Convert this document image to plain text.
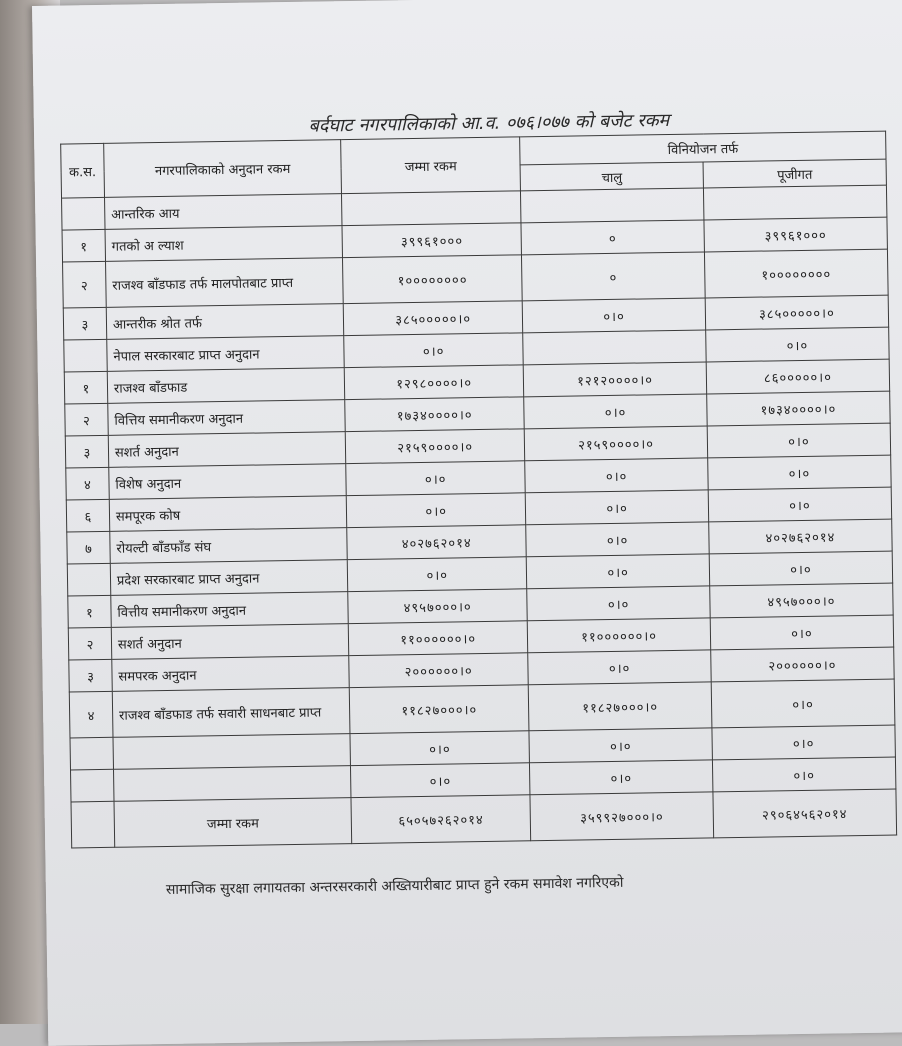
बर्दघाट नगरपालिकाको आ.व. ०७६।०७७ को बजेट रकम
क.स.	नगरपालिकाको अनुदान रकम	जम्मा रकम	विनियोजन तर्फ	
			चालु	पूजीगत
	आन्तरिक आय			
१	गतको अ ल्याश	३९९६१०००	०	३९९६१०००
२	राजश्व बाँडफाड तर्फ मालपोतबाट प्राप्त	१००००००००	०	१००००००००
३	आन्तरीक श्रोत तर्फ	३८५०००००।०	०।०	३८५०००००।०
	नेपाल सरकारबाट प्राप्त अनुदान	०।०		०।०
१	राजश्व बाँडफाड	१२९८००००।०	१२१२००००।०	८६०००००।०
२	वित्तिय समानीकरण अनुदान	१७३४००००।०	०।०	१७३४००००।०
३	सशर्त अनुदान	२१५९००००।०	२१५९००००।०	०।०
४	विशेष अनुदान	०।०	०।०	०।०
६	समपूरक कोष	०।०	०।०	०।०
७	रोयल्टी बाँडफाँड संघ	४०२७६२०१४	०।०	४०२७६२०१४
	प्रदेश सरकारबाट प्राप्त अनुदान	०।०	०।०	०।०
१	वित्तीय समानीकरण अनुदान	४९५७०००।०	०।०	४९५७०००।०
२	सशर्त अनुदान	११००००००।०	११००००००।०	०।०
३	समपरक अनुदान	२००००००।०	०।०	२००००००।०
४	राजश्व बाँडफाड तर्फ सवारी साधनबाट प्राप्त	११८२७०००।०	११८२७०००।०	०।०
		०।०	०।०	०।०
		०।०	०।०	०।०
	जम्मा रकम	६५०५७२६२०१४	३५९९२७०००।०	२९०६४५६२०१४
सामाजिक सुरक्षा लगायतका अन्तरसरकारी अख्तियारीबाट प्राप्त हुने रकम समावेश नगरिएको
